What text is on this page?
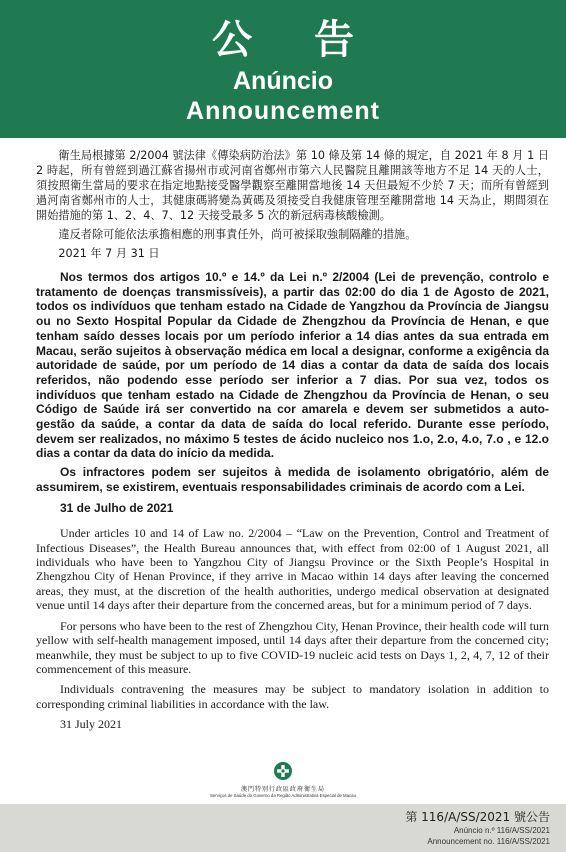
公 告
Anúncio
Announcement

衛生局根據第 2/2004 號法律《傳染病防治法》第 10 條及第 14 條的規定，自 2021 年 8 月 1 日 2 時起，所有曾經到過江蘇省揚州市或河南省鄭州市第六人民醫院且離開該等地方不足 14 天的人士，須按照衛生當局的要求在指定地點接受醫學觀察至離開當地後 14 天但最短不少於 7 天；而所有曾經到過河南省鄭州市的人士，其健康碼將變為黃碼及須接受自我健康管理至離開當地 14 天為止，期間須在開始措施的第 1、2、4、7、12 天接受最多 5 次的新冠病毒核酸檢測。

違反者除可能依法承擔相應的刑事責任外，尚可被採取強制隔離的措施。

2021 年 7 月 31 日

Nos termos dos artigos 10.º e 14.º da Lei n.º 2/2004 (Lei de prevenção, controlo e tratamento de doenças transmissíveis), a partir das 02:00 do dia 1 de Agosto de 2021, todos os indivíduos que tenham estado na Cidade de Yangzhou da Província de Jiangsu ou no Sexto Hospital Popular da Cidade de Zhengzhou da Província de Henan, e que tenham saído desses locais por um período inferior a 14 dias antes da sua entrada em Macau, serão sujeitos à observação médica em local a designar, conforme a exigência da autoridade de saúde, por um período de 14 dias a contar da data de saída dos locais referidos, não podendo esse período ser inferior a 7 dias. Por sua vez, todos os indivíduos que tenham estado na Cidade de Zhengzhou da Província de Henan, o seu Código de Saúde irá ser convertido na cor amarela e devem ser submetidos a auto-gestão da saúde, a contar da data de saída do local referido. Durante esse período, devem ser realizados, no máximo 5 testes de ácido nucleico nos 1.o, 2.o, 4.o, 7.o , e 12.o dias a contar da data do início da medida.

Os infractores podem ser sujeitos à medida de isolamento obrigatório, além de assumirem, se existirem, eventuais responsabilidades criminais de acordo com a Lei.

31 de Julho de 2021

Under articles 10 and 14 of Law no. 2/2004 – “Law on the Prevention, Control and Treatment of Infectious Diseases”, the Health Bureau announces that, with effect from 02:00 of 1 August 2021, all individuals who have been to Yangzhou City of Jiangsu Province or the Sixth People’s Hospital in Zhengzhou City of Henan Province, if they arrive in Macao within 14 days after leaving the concerned areas, they must, at the discretion of the health authorities, undergo medical observation at designated venue until 14 days after their departure from the concerned areas, but for a minimum period of 7 days.

For persons who have been to the rest of Zhengzhou City, Henan Province, their health code will turn yellow with self-health management imposed, until 14 days after their departure from the concerned city; meanwhile, they must be subject to up to five COVID-19 nucleic acid tests on Days 1, 2, 4, 7, 12 of their commencement of this measure.

Individuals contravening the measures may be subject to mandatory isolation in addition to corresponding criminal liabilities in accordance with the law.

31 July 2021

澳門特別行政區政府衛生局
Serviços de Saúde do Governo da Região Administrativa Especial de Macau
第 116/A/SS/2021 號公告
Anúncio n.º 116/A/SS/2021
Announcement no. 116/A/SS/2021
